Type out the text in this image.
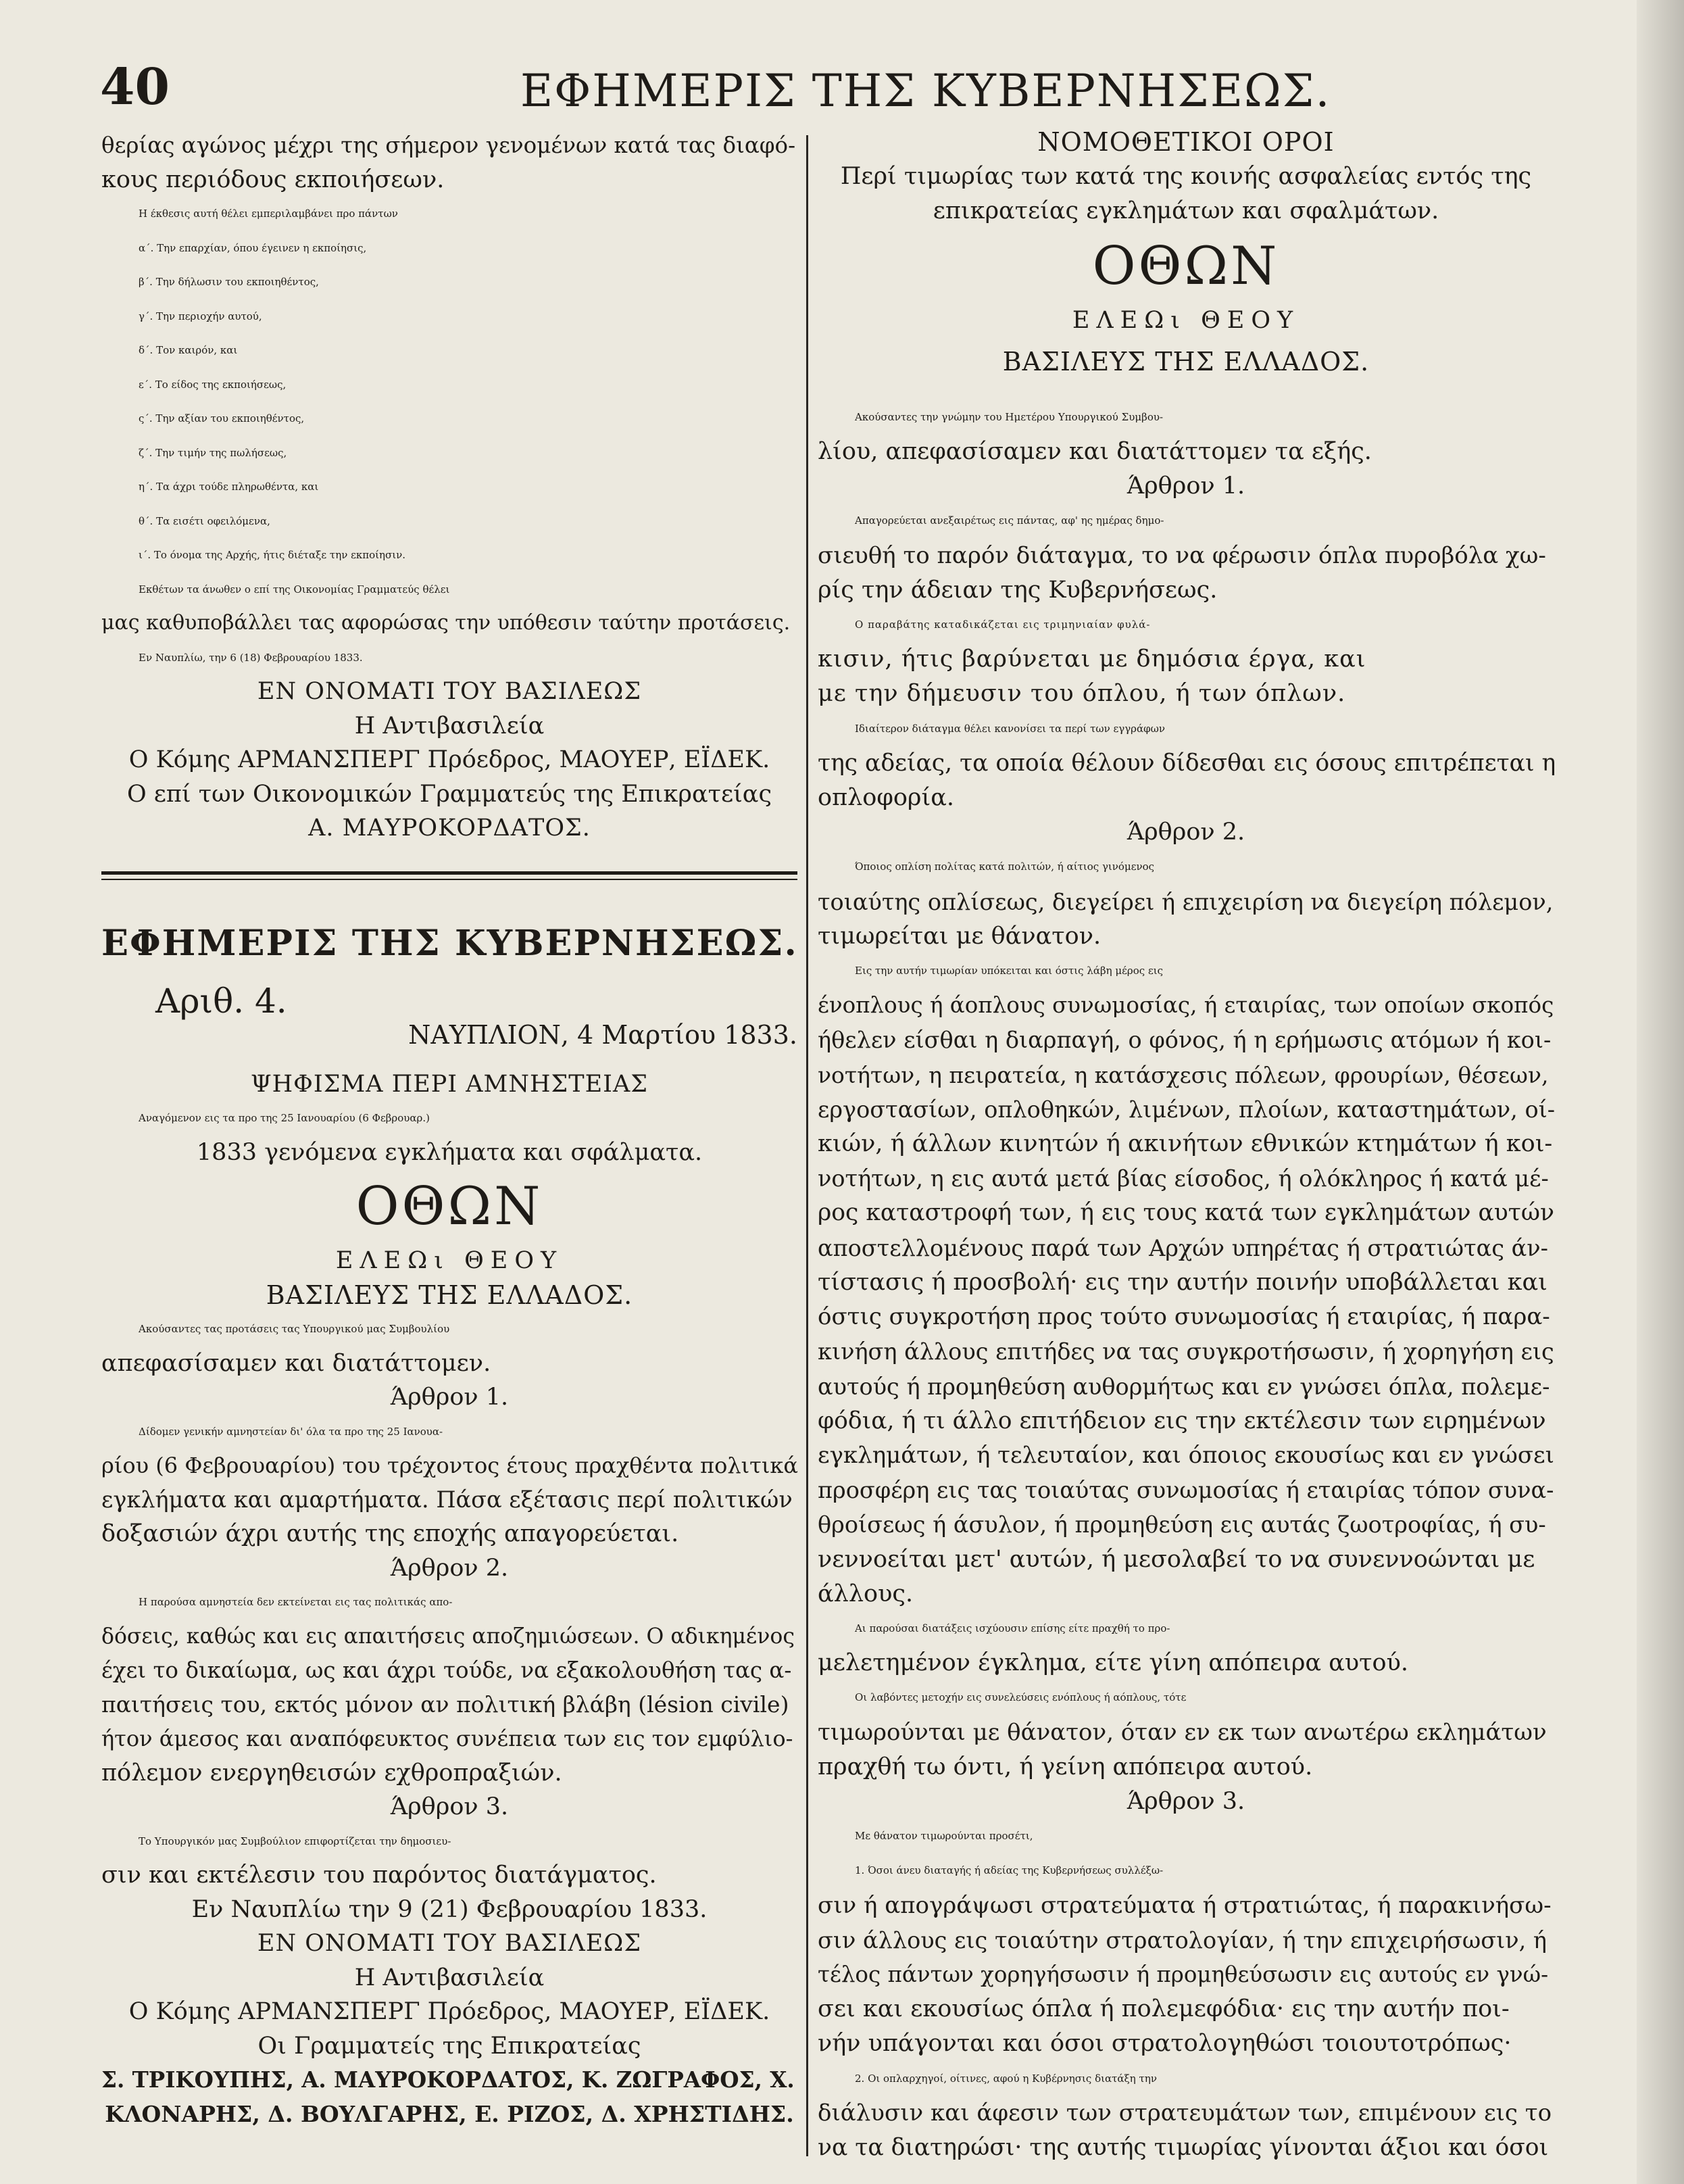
40	ΕΦΗΜΕΡΙΣ ΤΗΣ ΚΥΒΕΡΝΗΣΕΩΣ.

θερίας αγώνος μέχρι της σήμερον γενομένων κατά τας διαφό-

κους περιόδους εκποιήσεων.

Η έκθεσις αυτή θέλει εμπεριλαμβάνει προ πάντων

α΄. Την επαρχίαν, όπου έγεινεν η εκποίησις,

β΄. Την δήλωσιν του εκποιηθέντος,

γ΄. Την περιοχήν αυτού,

δ΄. Τον καιρόν, και

ε΄. Το είδος της εκποιήσεως,

ς΄. Την αξίαν του εκποιηθέντος,

ζ΄. Την τιμήν της πωλήσεως,

η΄. Τα άχρι τούδε πληρωθέντα, και

θ΄. Τα εισέτι οφειλόμενα,

ι΄. Το όνομα της Αρχής, ήτις διέταξε την εκποίησιν.

Εκθέτων τα άνωθεν ο επί της Οικονομίας Γραμματεύς θέλει

μας καθυποβάλλει τας αφορώσας την υπόθεσιν ταύτην προτάσεις.

Εν Ναυπλίω, την 6 (18) Φεβρουαρίου 1833.

ΕΝ ΟΝΟΜΑΤΙ ΤΟΥ ΒΑΣΙΛΕΩΣ

Η Αντιβασιλεία

Ο Κόμης ΑΡΜΑΝΣΠΕΡΓ Πρόεδρος, ΜΑΟΥΕΡ, ΕΪΔΕΚ.

Ο επί των Οικονομικών Γραμματεύς της Επικρατείας

Α. ΜΑΥΡΟΚΟΡΔΑΤΟΣ.

ΕΦΗΜΕΡΙΣ ΤΗΣ ΚΥΒΕΡΝΗΣΕΩΣ.

Αριθ. 4.

ΝΑΥΠΛΙΟΝ, 4 Μαρτίου 1833.

ΨΗΦΙΣΜΑ ΠΕΡΙ ΑΜΝΗΣΤΕΙΑΣ

Αναγόμενον εις τα προ της 25 Ιανουαρίου (6 Φεβρουαρ.)

1833 γενόμενα εγκλήματα και σφάλματα.

ΟΘΩΝ

ΕΛΕΩι ΘΕΟΥ

ΒΑΣΙΛΕΥΣ ΤΗΣ ΕΛΛΑΔΟΣ.

Ακούσαντες τας προτάσεις τας Υπουργικού μας Συμβουλίου

απεφασίσαμεν και διατάττομεν.

Άρθρον 1.

Δίδομεν γενικήν αμνηστείαν δι' όλα τα προ της 25 Ιανουα-

ρίου (6 Φεβρουαρίου) του τρέχοντος έτους πραχθέντα πολιτικά

εγκλήματα και αμαρτήματα. Πάσα εξέτασις περί πολιτικών

δοξασιών άχρι αυτής της εποχής απαγορεύεται.

Άρθρον 2.

Η παρούσα αμνηστεία δεν εκτείνεται εις τας πολιτικάς απο-

δόσεις, καθώς και εις απαιτήσεις αποζημιώσεων. Ο αδικημένος

έχει το δικαίωμα, ως και άχρι τούδε, να εξακολουθήση τας α-

παιτήσεις του, εκτός μόνον αν πολιτική βλάβη (lésion civile)

ήτον άμεσος και αναπόφευκτος συνέπεια των εις τον εμφύλιο-

πόλεμον ενεργηθεισών εχθροπραξιών.

Άρθρον 3.

Το Υπουργικόν μας Συμβούλιον επιφορτίζεται την δημοσιευ-

σιν και εκτέλεσιν του παρόντος διατάγματος.

Εν Ναυπλίω την 9 (21) Φεβρουαρίου 1833.

ΕΝ ΟΝΟΜΑΤΙ ΤΟΥ ΒΑΣΙΛΕΩΣ

Η Αντιβασιλεία

Ο Κόμης ΑΡΜΑΝΣΠΕΡΓ Πρόεδρος, ΜΑΟΥΕΡ, ΕΪΔΕΚ.

Οι Γραμματείς της Επικρατείας

Σ. ΤΡΙΚΟΥΠΗΣ, Α. ΜΑΥΡΟΚΟΡΔΑΤΟΣ, Κ. ΖΩΓΡΑΦΟΣ, Χ.

ΚΛΟΝΑΡΗΣ, Δ. ΒΟΥΛΓΑΡΗΣ, Ε. ΡΙΖΟΣ, Δ. ΧΡΗΣΤΙΔΗΣ.

ΝΟΜΟΘΕΤΙΚΟΙ ΟΡΟΙ

Περί τιμωρίας των κατά της κοινής ασφαλείας εντός της

επικρατείας εγκλημάτων και σφαλμάτων.

ΟΘΩΝ

ΕΛΕΩι ΘΕΟΥ

ΒΑΣΙΛΕΥΣ ΤΗΣ ΕΛΛΑΔΟΣ.

Ακούσαντες την γνώμην του Ημετέρου Υπουργικού Συμβου-

λίου, απεφασίσαμεν και διατάττομεν τα εξής.

Άρθρον 1.

Απαγορεύεται ανεξαιρέτως εις πάντας, αφ' ης ημέρας δημο-

σιευθή το παρόν διάταγμα, το να φέρωσιν όπλα πυροβόλα χω-

ρίς την άδειαν της Κυβερνήσεως.

Ο παραβάτης καταδικάζεται εις τριμηνιαίαν φυλά-

κισιν, ήτις βαρύνεται με δημόσια έργα, και

με την δήμευσιν του όπλου, ή των όπλων.

Ιδιαίτερον διάταγμα θέλει κανονίσει τα περί των εγγράφων

της αδείας, τα οποία θέλουν δίδεσθαι εις όσους επιτρέπεται η

οπλοφορία.

Άρθρον 2.

Όποιος οπλίση πολίτας κατά πολιτών, ή αίτιος γινόμενος

τοιαύτης οπλίσεως, διεγείρει ή επιχειρίση να διεγείρη πόλεμον,

τιμωρείται με θάνατον.

Εις την αυτήν τιμωρίαν υπόκειται και όστις λάβη μέρος εις

ένοπλους ή άοπλους συνωμοσίας, ή εταιρίας, των οποίων σκοπός

ήθελεν είσθαι η διαρπαγή, ο φόνος, ή η ερήμωσις ατόμων ή κοι-

νοτήτων, η πειρατεία, η κατάσχεσις πόλεων, φρουρίων, θέσεων,

εργοστασίων, οπλοθηκών, λιμένων, πλοίων, καταστημάτων, οί-

κιών, ή άλλων κινητών ή ακινήτων εθνικών κτημάτων ή κοι-

νοτήτων, η εις αυτά μετά βίας είσοδος, ή ολόκληρος ή κατά μέ-

ρος καταστροφή των, ή εις τους κατά των εγκλημάτων αυτών

αποστελλομένους παρά των Αρχών υπηρέτας ή στρατιώτας άν-

τίστασις ή προσβολή· εις την αυτήν ποινήν υποβάλλεται και

όστις συγκροτήση προς τούτο συνωμοσίας ή εταιρίας, ή παρα-

κινήση άλλους επιτήδες να τας συγκροτήσωσιν, ή χορηγήση εις

αυτούς ή προμηθεύση αυθορμήτως και εν γνώσει όπλα, πολεμε-

φόδια, ή τι άλλο επιτήδειον εις την εκτέλεσιν των ειρημένων

εγκλημάτων, ή τελευταίον, και όποιος εκουσίως και εν γνώσει

προσφέρη εις τας τοιαύτας συνωμοσίας ή εταιρίας τόπον συνα-

θροίσεως ή άσυλον, ή προμηθεύση εις αυτάς ζωοτροφίας, ή συ-

νεννοείται μετ' αυτών, ή μεσολαβεί το να συνεννοώνται με

άλλους.

Αι παρούσαι διατάξεις ισχύουσιν επίσης είτε πραχθή το προ-

μελετημένον έγκλημα, είτε γίνη απόπειρα αυτού.

Οι λαβόντες μετοχήν εις συνελεύσεις ενόπλους ή αόπλους, τότε

τιμωρούνται με θάνατον, όταν εν εκ των ανωτέρω εκλημάτων

πραχθή τω όντι, ή γείνη απόπειρα αυτού.

Άρθρον 3.

Με θάνατον τιμωρούνται προσέτι,

1. Όσοι άνευ διαταγής ή αδείας της Κυβερνήσεως συλλέξω-

σιν ή απογράψωσι στρατεύματα ή στρατιώτας, ή παρακινήσω-

σιν άλλους εις τοιαύτην στρατολογίαν, ή την επιχειρήσωσιν, ή

τέλος πάντων χορηγήσωσιν ή προμηθεύσωσιν εις αυτούς εν γνώ-

σει και εκουσίως όπλα ή πολεμεφόδια· εις την αυτήν ποι-

νήν υπάγονται και όσοι στρατολογηθώσι τοιουτοτρόπως·

2. Οι οπλαρχηγοί, οίτινες, αφού η Κυβέρνησις διατάξη την

διάλυσιν και άφεσιν των στρατευμάτων των, επιμένουν εις το

να τα διατηρώσι· της αυτής τιμωρίας γίνονται άξιοι και όσοι
